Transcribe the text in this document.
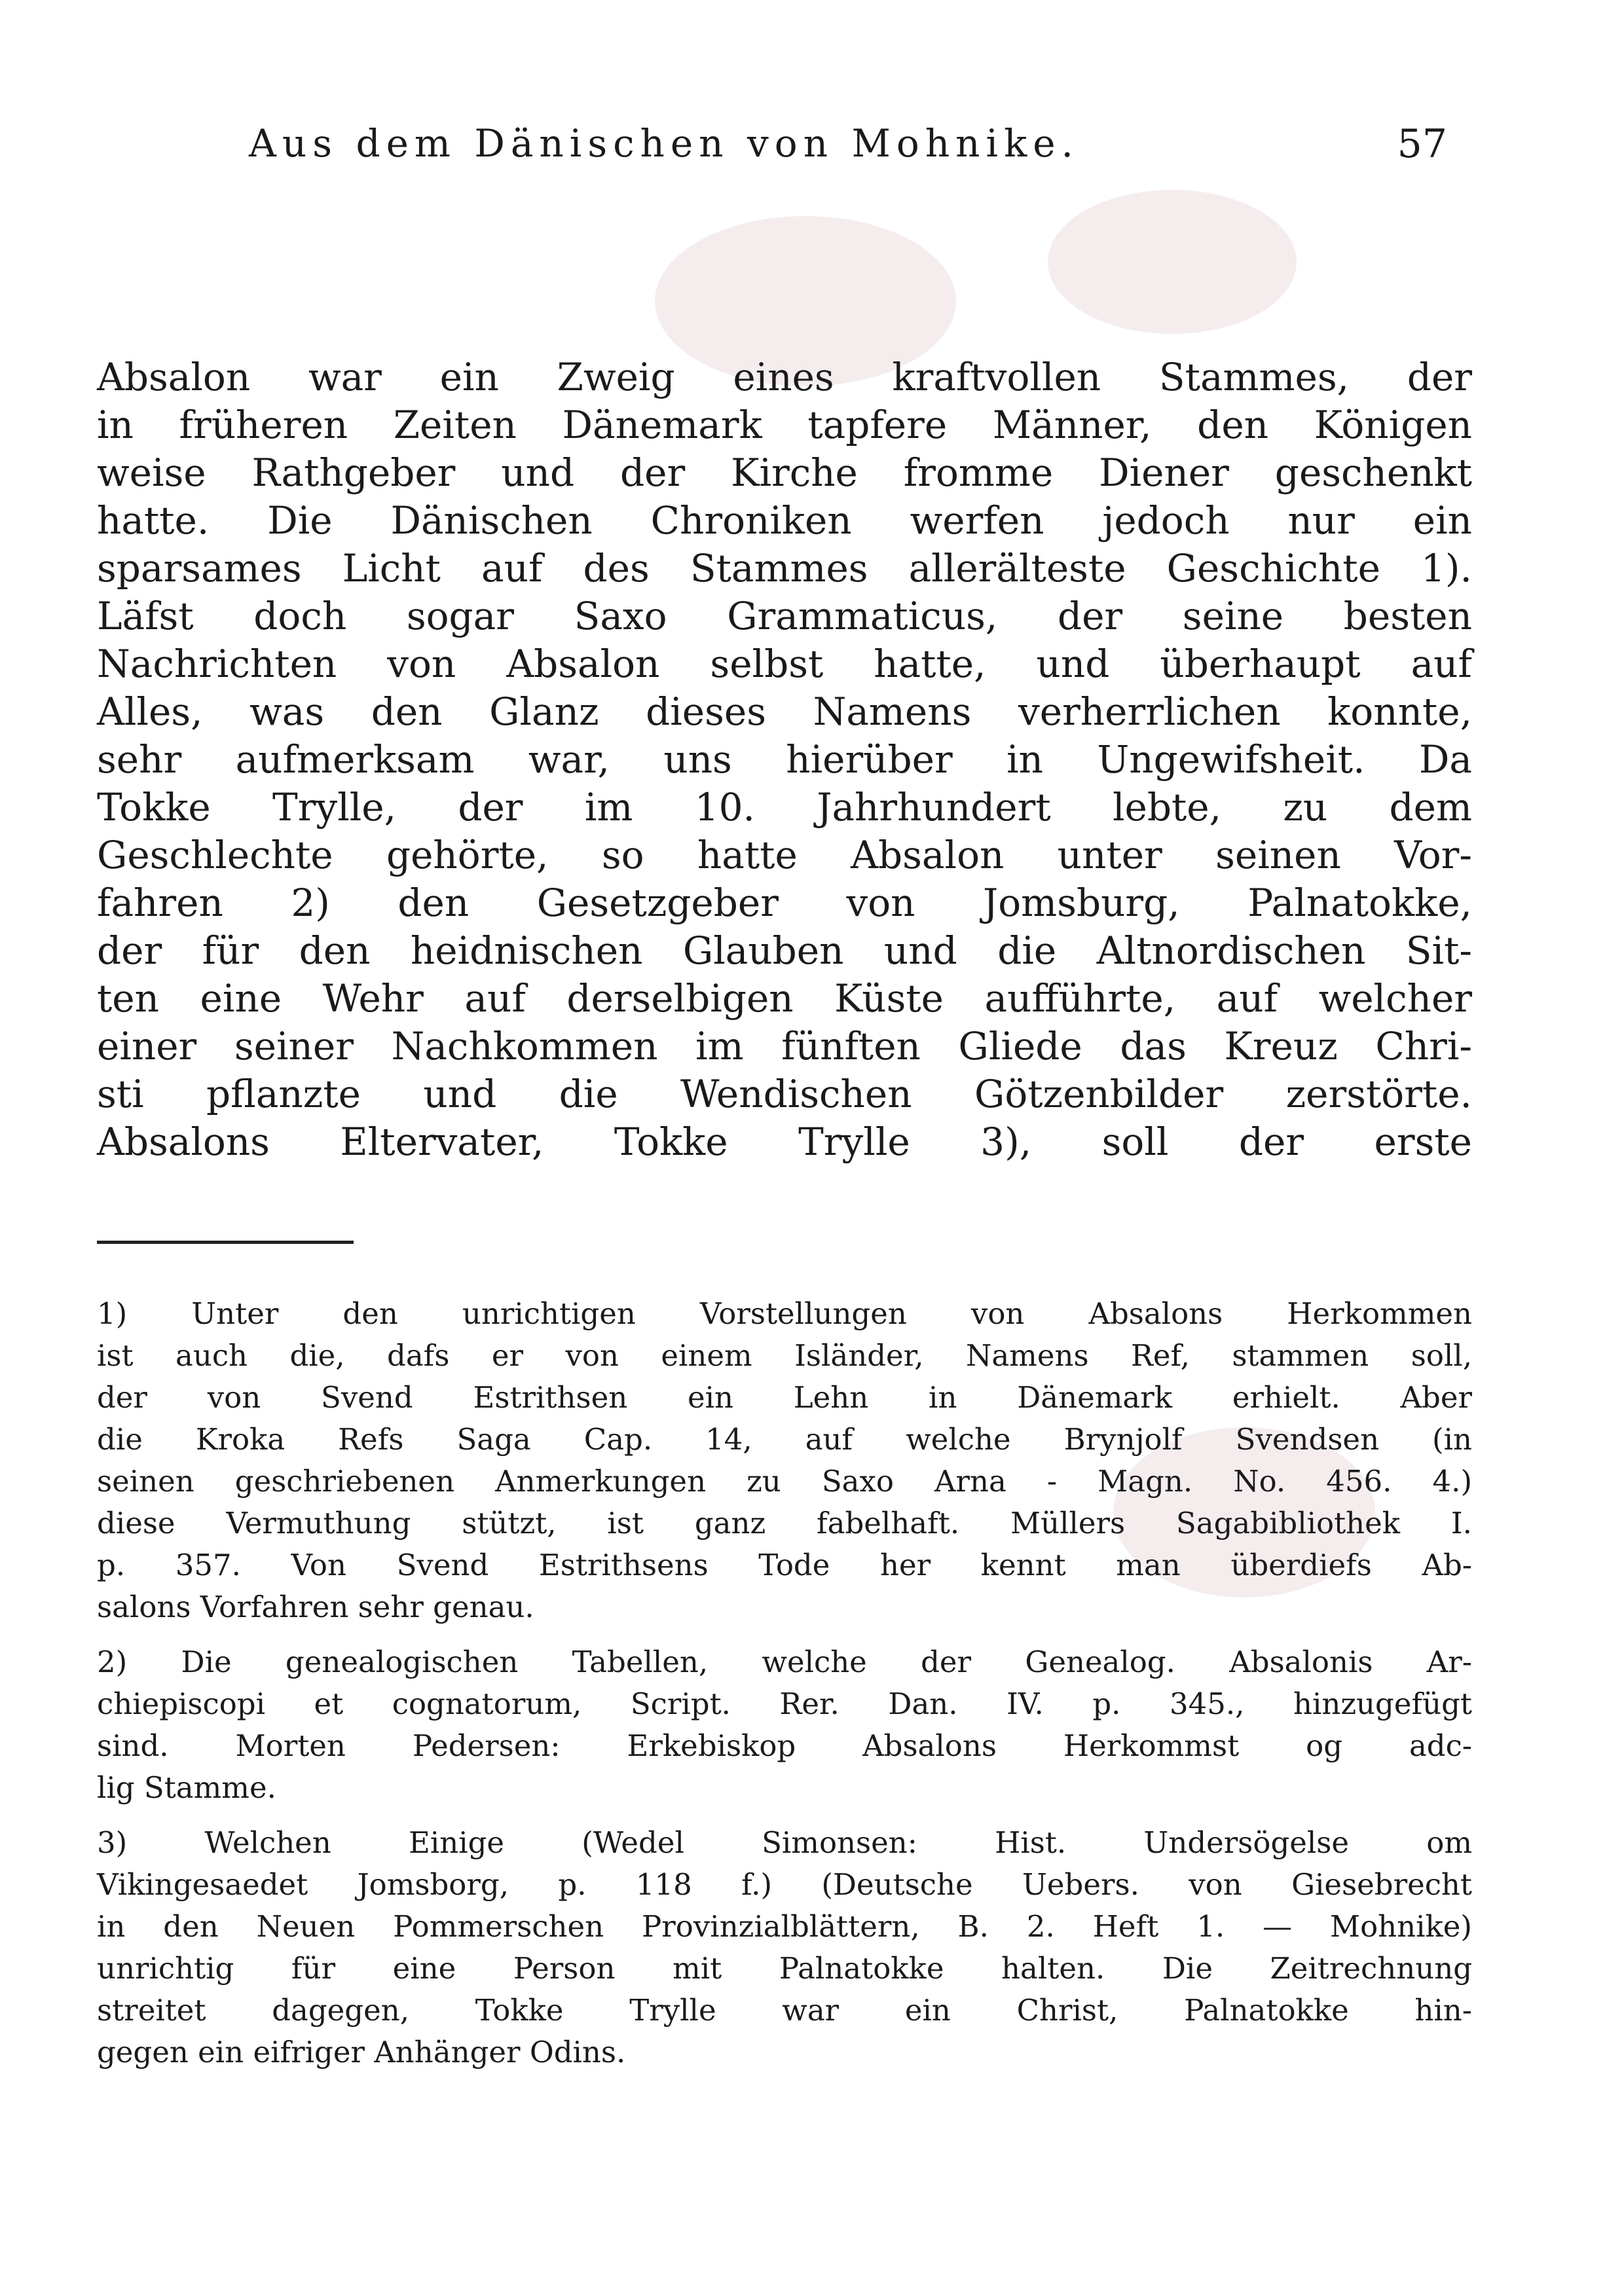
Aus dem Dänischen von Mohnike.	57
Absalon war ein Zweig eines kraftvollen Stammes, der
in früheren Zeiten Dänemark tapfere Männer, den Königen
weise Rathgeber und der Kirche fromme Diener geschenkt
hatte. Die Dänischen Chroniken werfen jedoch nur ein
sparsames Licht auf des Stammes allerälteste Geschichte 1).
Läfst doch sogar Saxo Grammaticus, der seine besten
Nachrichten von Absalon selbst hatte, und überhaupt auf
Alles, was den Glanz dieses Namens verherrlichen konnte,
sehr aufmerksam war, uns hierüber in Ungewifsheit. Da
Tokke Trylle, der im 10. Jahrhundert lebte, zu dem
Geschlechte gehörte, so hatte Absalon unter seinen Vor-
fahren 2) den Gesetzgeber von Jomsburg, Palnatokke,
der für den heidnischen Glauben und die Altnordischen Sit-
ten eine Wehr auf derselbigen Küste aufführte, auf welcher
einer seiner Nachkommen im fünften Gliede das Kreuz Chri-
sti pflanzte und die Wendischen Götzenbilder zerstörte.
Absalons Eltervater, Tokke Trylle 3), soll der erste
1) Unter den unrichtigen Vorstellungen von Absalons Herkommen
ist auch die, dafs er von einem Isländer, Namens Ref, stammen soll,
der von Svend Estrithsen ein Lehn in Dänemark erhielt. Aber
die Kroka Refs Saga Cap. 14, auf welche Brynjolf Svendsen (in
seinen geschriebenen Anmerkungen zu Saxo Arna - Magn. No. 456. 4.)
diese Vermuthung stützt, ist ganz fabelhaft. Müllers Sagabibliothek I.
p. 357. Von Svend Estrithsens Tode her kennt man überdiefs Ab-
salons Vorfahren sehr genau.
2) Die genealogischen Tabellen, welche der Genealog. Absalonis Ar-
chiepiscopi et cognatorum, Script. Rer. Dan. IV. p. 345., hinzugefügt
sind. Morten Pedersen: Erkebiskop Absalons Herkommst og adc-
lig Stamme.
3) Welchen Einige (Wedel Simonsen: Hist. Undersögelse om
Vikingesaedet Jomsborg, p. 118 f.) (Deutsche Uebers. von Giesebrecht
in den Neuen Pommerschen Provinzialblättern, B. 2. Heft 1. — Mohnike)
unrichtig für eine Person mit Palnatokke halten. Die Zeitrechnung
streitet dagegen, Tokke Trylle war ein Christ, Palnatokke hin-
gegen ein eifriger Anhänger Odins.
